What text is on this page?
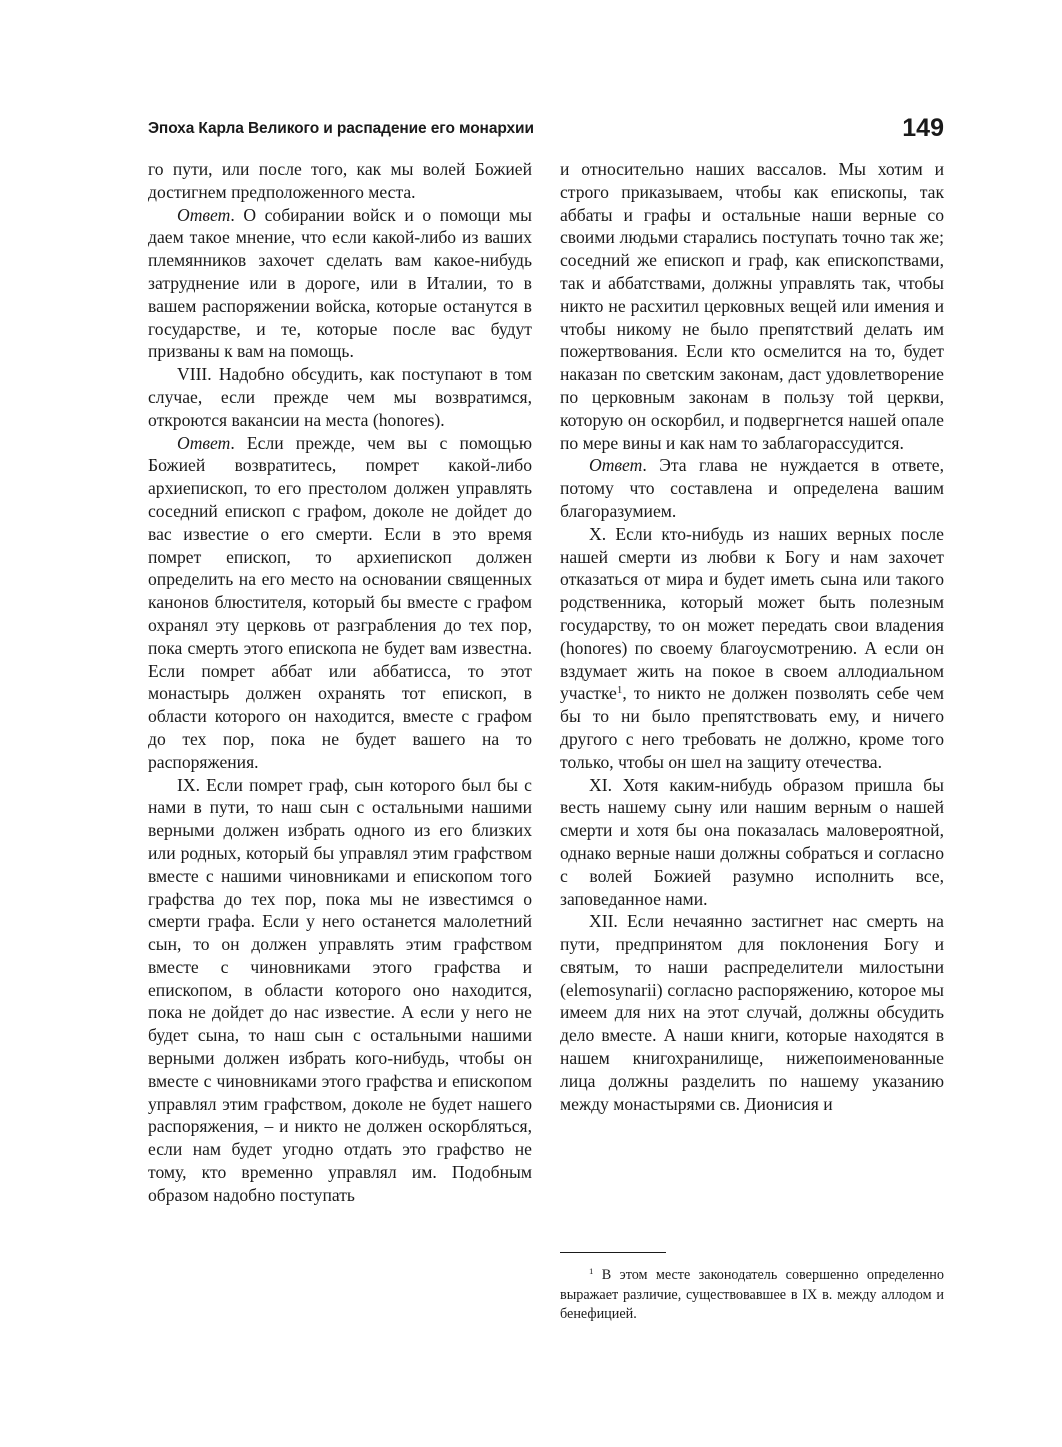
Эпоха Карла Великого и распадение его монархии	149

го пути, или после того, как мы волей Божией достигнем предположенного места.

Ответ. О собирании войск и о помощи мы даем такое мнение, что если какой-либо из ваших племянников захочет сделать вам какое-нибудь затруднение или в дороге, или в Италии, то в вашем распоряжении войска, которые останутся в государстве, и те, которые после вас будут призваны к вам на помощь.

VIII. Надобно обсудить, как поступают в том случае, если прежде чем мы возвратимся, откроются вакансии на места (honores).

Ответ. Если прежде, чем вы с помощью Божией возвратитесь, помрет какой-либо архиепископ, то его престолом должен управлять соседний епископ с графом, доколе не дойдет до вас известие о его смерти. Если в это время помрет епископ, то архиепископ должен определить на его место на основании священных канонов блюстителя, который бы вместе с графом охранял эту церковь от разграбления до тех пор, пока смерть этого епископа не будет вам известна. Если помрет аббат или аббатисса, то этот монастырь должен охранять тот епископ, в области которого он находится, вместе с графом до тех пор, пока не будет вашего на то распоряжения.

IX. Если помрет граф, сын которого был бы с нами в пути, то наш сын с остальными нашими верными должен избрать одного из его близких или родных, который бы управлял этим графством вместе с нашими чиновниками и епископом того графства до тех пор, пока мы не известимся о смерти графа. Если у него останется малолетний сын, то он должен управлять этим графством вместе с чиновниками этого графства и епископом, в области которого оно находится, пока не дойдет до нас известие. А если у него не будет сына, то наш сын с остальными нашими верными должен избрать кого-нибудь, чтобы он вместе с чиновниками этого графства и епископом управлял этим графством, доколе не будет нашего распоряжения, – и никто не должен оскорбляться, если нам будет угодно отдать это графство не тому, кто временно управлял им. Подобным образом надобно поступать

и относительно наших вассалов. Мы хотим и строго приказываем, чтобы как епископы, так аббаты и графы и остальные наши верные со своими людьми старались поступать точно так же; соседний же епископ и граф, как епископствами, так и аббатствами, должны управлять так, чтобы никто не расхитил церковных вещей или имения и чтобы никому не было препятствий делать им пожертвования. Если кто осмелится на то, будет наказан по светским законам, даст удовлетворение по церковным законам в пользу той церкви, которую он оскорбил, и подвергнется нашей опале по мере вины и как нам то заблагорассудится.

Ответ. Эта глава не нуждается в ответе, потому что составлена и определена вашим благоразумием.

X. Если кто-нибудь из наших верных после нашей смерти из любви к Богу и нам захочет отказаться от мира и будет иметь сына или такого родственника, который может быть полезным государству, то он может передать свои владения (honores) по своему благоусмотрению. А если он вздумает жить на покое в своем аллодиальном участке$^1$, то никто не должен позволять себе чем бы то ни было препятствовать ему, и ничего другого с него требовать не должно, кроме того только, чтобы он шел на защиту отечества.

XI. Хотя каким-нибудь образом пришла бы весть нашему сыну или нашим верным о нашей смерти и хотя бы она показалась маловероятной, однако верные наши должны собраться и согласно с волей Божией разумно исполнить все, заповеданное нами.

XII. Если нечаянно застигнет нас смерть на пути, предпринятом для поклонения Богу и святым, то наши распределители милостыни (elemosynarii) согласно распоряжению, которое мы имеем для них на этот случай, должны обсудить дело вместе. А наши книги, которые находятся в нашем книгохранилище, нижепоименованные лица должны разделить по нашему указанию между монастырями св. Дионисия и

$^1$ В этом месте законодатель совершенно определенно выражает различие, существовавшее в IX в. между аллодом и бенефицией.
